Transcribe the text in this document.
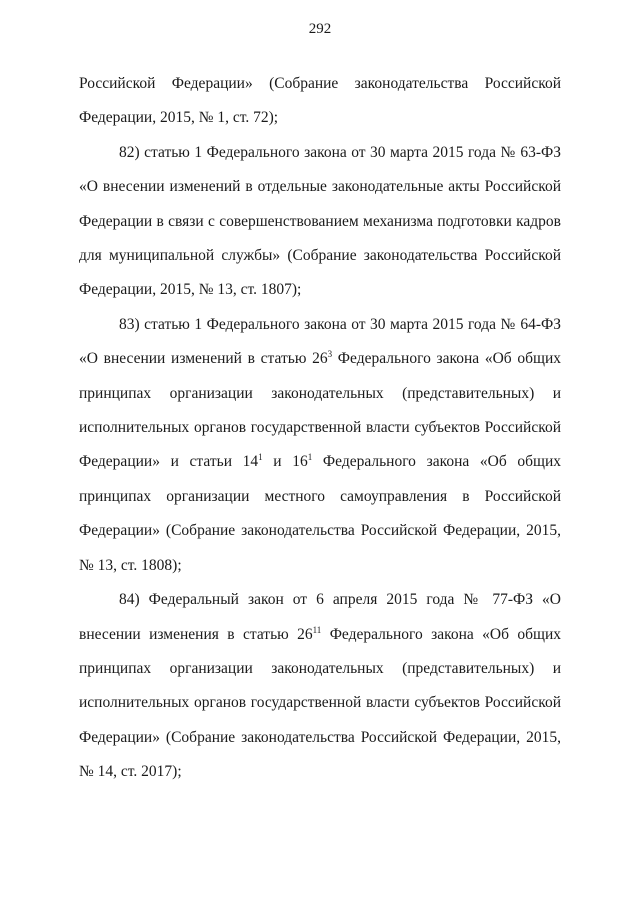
292

Российской Федерации» (Собрание законодательства Российской Федерации, 2015, № 1, ст. 72);

82) статью 1 Федерального закона от 30 марта 2015 года № 63-ФЗ «О внесении изменений в отдельные законодательные акты Российской Федерации в связи с совершенствованием механизма подготовки кадров для муниципальной службы» (Собрание законодательства Российской Федерации, 2015, № 13, ст. 1807);

83) статью 1 Федерального закона от 30 марта 2015 года № 64-ФЗ «О внесении изменений в статью $26^3$ Федерального закона «Об общих принципах организации законодательных (представительных) и исполнительных органов государственной власти субъектов Российской Федерации» и статьи $14^1$ и $16^1$ Федерального закона «Об общих принципах организации местного самоуправления в Российской Федерации» (Собрание законодательства Российской Федерации, 2015, № 13, ст. 1808);

84) Федеральный закон от 6 апреля 2015 года № 77-ФЗ «О внесении изменения в статью $26^{11}$ Федерального закона «Об общих принципах организации законодательных (представительных) и исполнительных органов государственной власти субъектов Российской Федерации» (Собрание законодательства Российской Федерации, 2015, № 14, ст. 2017);
